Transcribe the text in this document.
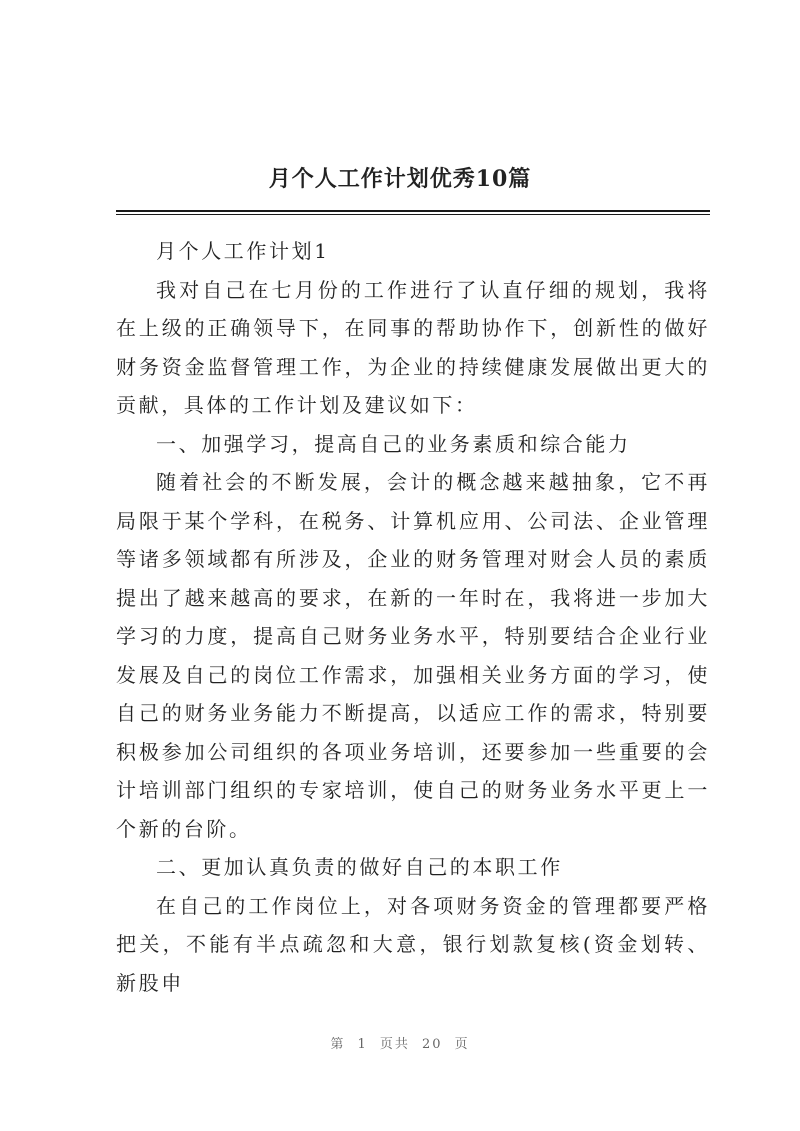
月个人工作计划优秀10篇

月个人工作计划1

我对自己在七月份的工作进行了认直仔细的规划，我将在上级的正确领导下，在同事的帮助协作下，创新性的做好财务资金监督管理工作，为企业的持续健康发展做出更大的贡献，具体的工作计划及建议如下：

一、加强学习，提高自己的业务素质和综合能力

随着社会的不断发展，会计的概念越来越抽象，它不再局限于某个学科，在税务、计算机应用、公司法、企业管理等诸多领域都有所涉及，企业的财务管理对财会人员的素质提出了越来越高的要求，在新的一年时在，我将进一步加大学习的力度，提高自己财务业务水平，特别要结合企业行业发展及自己的岗位工作需求，加强相关业务方面的学习，使自己的财务业务能力不断提高，以适应工作的需求，特别要积极参加公司组织的各项业务培训，还要参加一些重要的会计培训部门组织的专家培训，使自己的财务业务水平更上一个新的台阶。

二、更加认真负责的做好自己的本职工作

在自己的工作岗位上，对各项财务资金的管理都要严格把关，不能有半点疏忽和大意，银行划款复核(资金划转、新股申

第 1 页共 20 页
